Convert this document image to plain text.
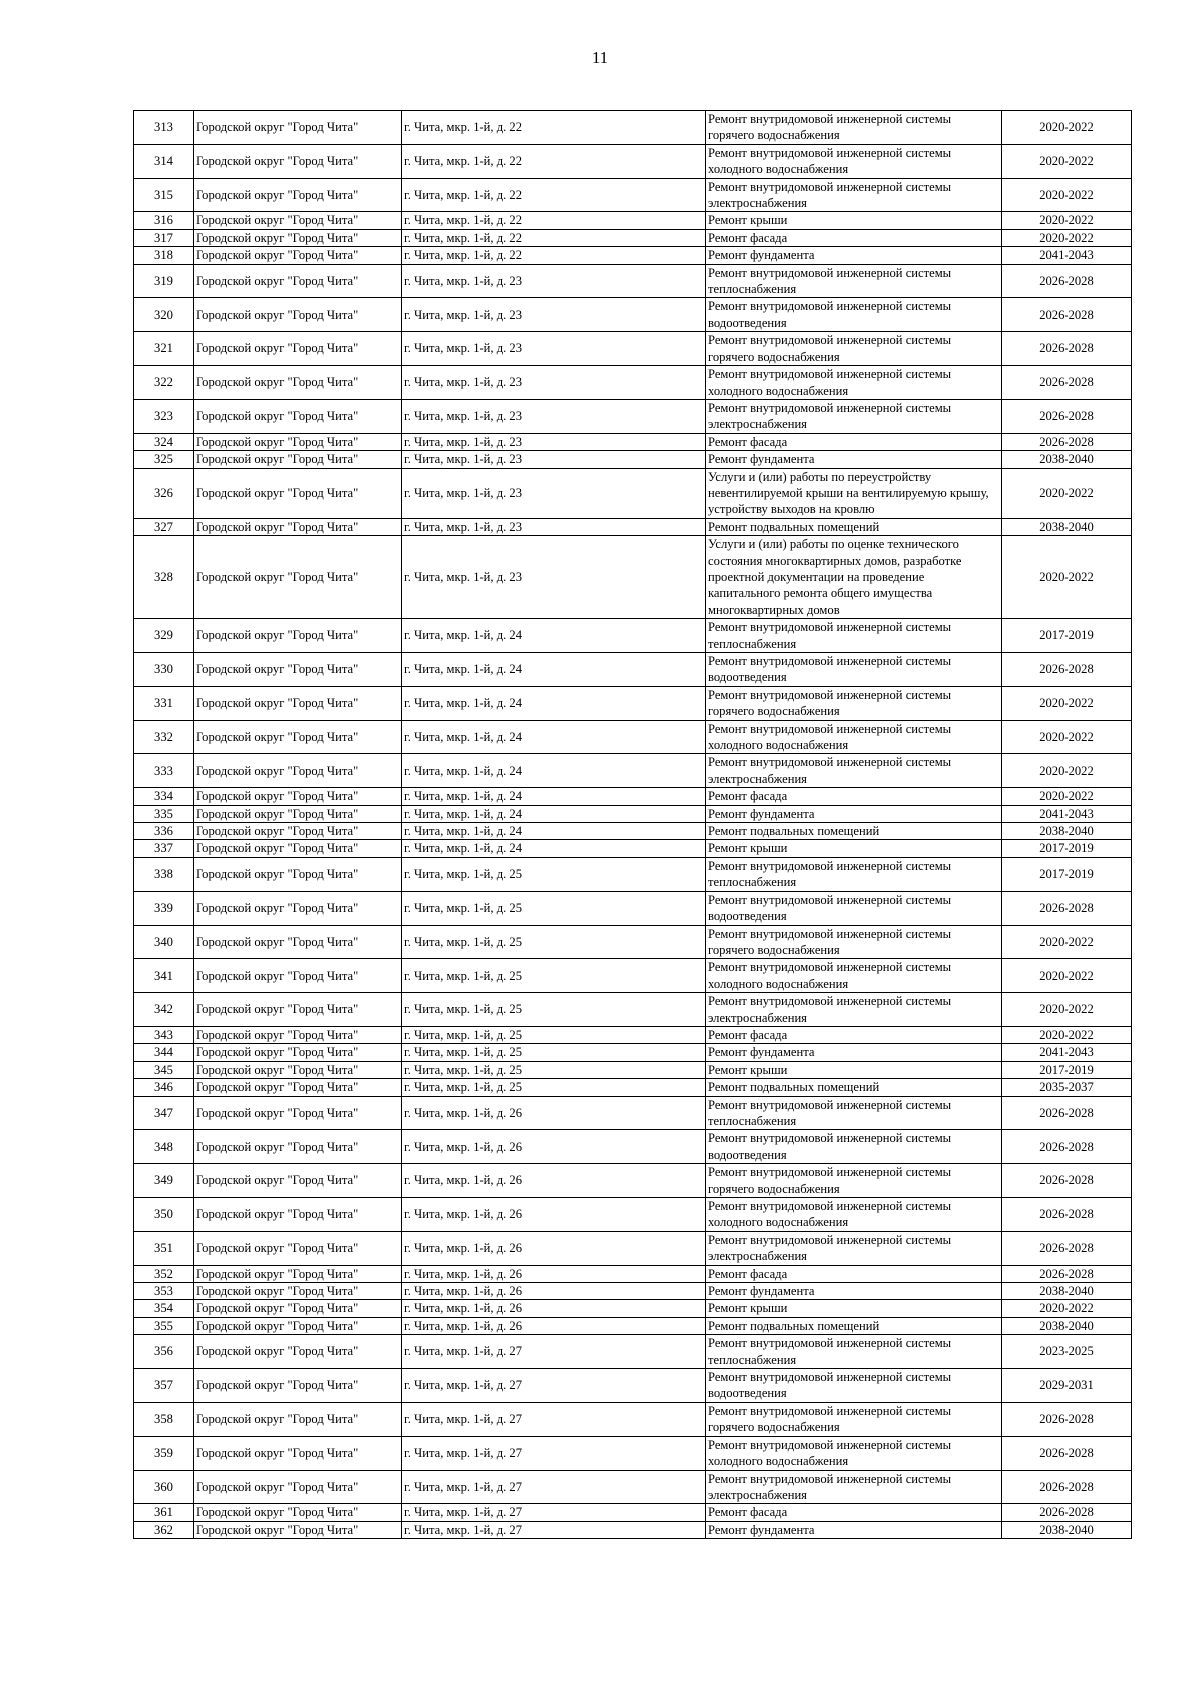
11
313	Городской округ "Город Чита"	г. Чита, мкр. 1-й, д. 22	Ремонт внутридомовой инженерной системы горячего водоснабжения	2020-2022
314	Городской округ "Город Чита"	г. Чита, мкр. 1-й, д. 22	Ремонт внутридомовой инженерной системы холодного водоснабжения	2020-2022
315	Городской округ "Город Чита"	г. Чита, мкр. 1-й, д. 22	Ремонт внутридомовой инженерной системы электроснабжения	2020-2022
316	Городской округ "Город Чита"	г. Чита, мкр. 1-й, д. 22	Ремонт крыши	2020-2022
317	Городской округ "Город Чита"	г. Чита, мкр. 1-й, д. 22	Ремонт фасада	2020-2022
318	Городской округ "Город Чита"	г. Чита, мкр. 1-й, д. 22	Ремонт фундамента	2041-2043
319	Городской округ "Город Чита"	г. Чита, мкр. 1-й, д. 23	Ремонт внутридомовой инженерной системы теплоснабжения	2026-2028
320	Городской округ "Город Чита"	г. Чита, мкр. 1-й, д. 23	Ремонт внутридомовой инженерной системы водоотведения	2026-2028
321	Городской округ "Город Чита"	г. Чита, мкр. 1-й, д. 23	Ремонт внутридомовой инженерной системы горячего водоснабжения	2026-2028
322	Городской округ "Город Чита"	г. Чита, мкр. 1-й, д. 23	Ремонт внутридомовой инженерной системы холодного водоснабжения	2026-2028
323	Городской округ "Город Чита"	г. Чита, мкр. 1-й, д. 23	Ремонт внутридомовой инженерной системы электроснабжения	2026-2028
324	Городской округ "Город Чита"	г. Чита, мкр. 1-й, д. 23	Ремонт фасада	2026-2028
325	Городской округ "Город Чита"	г. Чита, мкр. 1-й, д. 23	Ремонт фундамента	2038-2040
326	Городской округ "Город Чита"	г. Чита, мкр. 1-й, д. 23	Услуги и (или) работы по переустройству невентилируемой крыши на вентилируемую крышу, устройству выходов на кровлю	2020-2022
327	Городской округ "Город Чита"	г. Чита, мкр. 1-й, д. 23	Ремонт подвальных помещений	2038-2040
328	Городской округ "Город Чита"	г. Чита, мкр. 1-й, д. 23	Услуги и (или) работы по оценке технического состояния многоквартирных домов, разработке проектной документации на проведение капитального ремонта общего имущества многоквартирных домов	2020-2022
329	Городской округ "Город Чита"	г. Чита, мкр. 1-й, д. 24	Ремонт внутридомовой инженерной системы теплоснабжения	2017-2019
330	Городской округ "Город Чита"	г. Чита, мкр. 1-й, д. 24	Ремонт внутридомовой инженерной системы водоотведения	2026-2028
331	Городской округ "Город Чита"	г. Чита, мкр. 1-й, д. 24	Ремонт внутридомовой инженерной системы горячего водоснабжения	2020-2022
332	Городской округ "Город Чита"	г. Чита, мкр. 1-й, д. 24	Ремонт внутридомовой инженерной системы холодного водоснабжения	2020-2022
333	Городской округ "Город Чита"	г. Чита, мкр. 1-й, д. 24	Ремонт внутридомовой инженерной системы электроснабжения	2020-2022
334	Городской округ "Город Чита"	г. Чита, мкр. 1-й, д. 24	Ремонт фасада	2020-2022
335	Городской округ "Город Чита"	г. Чита, мкр. 1-й, д. 24	Ремонт фундамента	2041-2043
336	Городской округ "Город Чита"	г. Чита, мкр. 1-й, д. 24	Ремонт подвальных помещений	2038-2040
337	Городской округ "Город Чита"	г. Чита, мкр. 1-й, д. 24	Ремонт крыши	2017-2019
338	Городской округ "Город Чита"	г. Чита, мкр. 1-й, д. 25	Ремонт внутридомовой инженерной системы теплоснабжения	2017-2019
339	Городской округ "Город Чита"	г. Чита, мкр. 1-й, д. 25	Ремонт внутридомовой инженерной системы водоотведения	2026-2028
340	Городской округ "Город Чита"	г. Чита, мкр. 1-й, д. 25	Ремонт внутридомовой инженерной системы горячего водоснабжения	2020-2022
341	Городской округ "Город Чита"	г. Чита, мкр. 1-й, д. 25	Ремонт внутридомовой инженерной системы холодного водоснабжения	2020-2022
342	Городской округ "Город Чита"	г. Чита, мкр. 1-й, д. 25	Ремонт внутридомовой инженерной системы электроснабжения	2020-2022
343	Городской округ "Город Чита"	г. Чита, мкр. 1-й, д. 25	Ремонт фасада	2020-2022
344	Городской округ "Город Чита"	г. Чита, мкр. 1-й, д. 25	Ремонт фундамента	2041-2043
345	Городской округ "Город Чита"	г. Чита, мкр. 1-й, д. 25	Ремонт крыши	2017-2019
346	Городской округ "Город Чита"	г. Чита, мкр. 1-й, д. 25	Ремонт подвальных помещений	2035-2037
347	Городской округ "Город Чита"	г. Чита, мкр. 1-й, д. 26	Ремонт внутридомовой инженерной системы теплоснабжения	2026-2028
348	Городской округ "Город Чита"	г. Чита, мкр. 1-й, д. 26	Ремонт внутридомовой инженерной системы водоотведения	2026-2028
349	Городской округ "Город Чита"	г. Чита, мкр. 1-й, д. 26	Ремонт внутридомовой инженерной системы горячего водоснабжения	2026-2028
350	Городской округ "Город Чита"	г. Чита, мкр. 1-й, д. 26	Ремонт внутридомовой инженерной системы холодного водоснабжения	2026-2028
351	Городской округ "Город Чита"	г. Чита, мкр. 1-й, д. 26	Ремонт внутридомовой инженерной системы электроснабжения	2026-2028
352	Городской округ "Город Чита"	г. Чита, мкр. 1-й, д. 26	Ремонт фасада	2026-2028
353	Городской округ "Город Чита"	г. Чита, мкр. 1-й, д. 26	Ремонт фундамента	2038-2040
354	Городской округ "Город Чита"	г. Чита, мкр. 1-й, д. 26	Ремонт крыши	2020-2022
355	Городской округ "Город Чита"	г. Чита, мкр. 1-й, д. 26	Ремонт подвальных помещений	2038-2040
356	Городской округ "Город Чита"	г. Чита, мкр. 1-й, д. 27	Ремонт внутридомовой инженерной системы теплоснабжения	2023-2025
357	Городской округ "Город Чита"	г. Чита, мкр. 1-й, д. 27	Ремонт внутридомовой инженерной системы водоотведения	2029-2031
358	Городской округ "Город Чита"	г. Чита, мкр. 1-й, д. 27	Ремонт внутридомовой инженерной системы горячего водоснабжения	2026-2028
359	Городской округ "Город Чита"	г. Чита, мкр. 1-й, д. 27	Ремонт внутридомовой инженерной системы холодного водоснабжения	2026-2028
360	Городской округ "Город Чита"	г. Чита, мкр. 1-й, д. 27	Ремонт внутридомовой инженерной системы электроснабжения	2026-2028
361	Городской округ "Город Чита"	г. Чита, мкр. 1-й, д. 27	Ремонт фасада	2026-2028
362	Городской округ "Город Чита"	г. Чита, мкр. 1-й, д. 27	Ремонт фундамента	2038-2040
